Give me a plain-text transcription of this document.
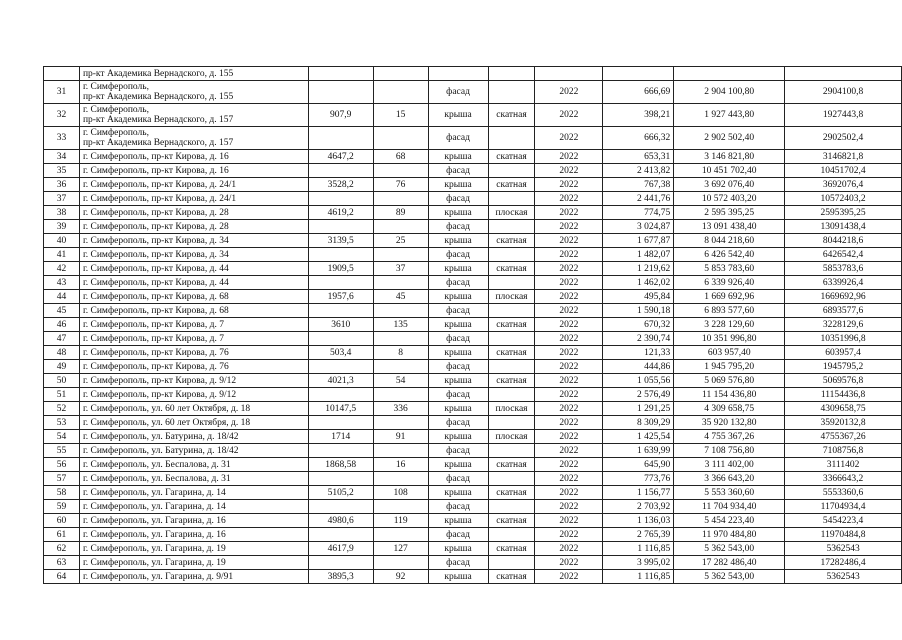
	пр-кт Академика Вернадского, д. 155								

31	г. Симферополь,
пр-кт Академика Вернадского, д. 155			фасад		2022	666,69	2 904 100,80	2904100,8
32	г. Симферополь,
пр-кт Академика Вернадского, д. 157	907,9	15	крыша	скатная	2022	398,21	1 927 443,80	1927443,8
33	г. Симферополь,
пр-кт Академика Вернадского, д. 157			фасад		2022	666,32	2 902 502,40	2902502,4
34	г. Симферополь, пр-кт Кирова, д. 16	4647,2	68	крыша	скатная	2022	653,31	3 146 821,80	3146821,8
35	г. Симферополь, пр-кт Кирова, д. 16			фасад		2022	2 413,82	10 451 702,40	10451702,4
36	г. Симферополь, пр-кт Кирова, д. 24/1	3528,2	76	крыша	скатная	2022	767,38	3 692 076,40	3692076,4
37	г. Симферополь, пр-кт Кирова, д. 24/1			фасад		2022	2 441,76	10 572 403,20	10572403,2
38	г. Симферополь, пр-кт Кирова, д. 28	4619,2	89	крыша	плоская	2022	774,75	2 595 395,25	2595395,25
39	г. Симферополь, пр-кт Кирова, д. 28			фасад		2022	3 024,87	13 091 438,40	13091438,4
40	г. Симферополь, пр-кт Кирова, д. 34	3139,5	25	крыша	скатная	2022	1 677,87	8 044 218,60	8044218,6
41	г. Симферополь, пр-кт Кирова, д. 34			фасад		2022	1 482,07	6 426 542,40	6426542,4
42	г. Симферополь, пр-кт Кирова, д. 44	1909,5	37	крыша	скатная	2022	1 219,62	5 853 783,60	5853783,6
43	г. Симферополь, пр-кт Кирова, д. 44			фасад		2022	1 462,02	6 339 926,40	6339926,4
44	г. Симферополь, пр-кт Кирова, д. 68	1957,6	45	крыша	плоская	2022	495,84	1 669 692,96	1669692,96
45	г. Симферополь, пр-кт Кирова, д. 68			фасад		2022	1 590,18	6 893 577,60	6893577,6
46	г. Симферополь, пр-кт Кирова, д. 7	3610	135	крыша	скатная	2022	670,32	3 228 129,60	3228129,6
47	г. Симферополь, пр-кт Кирова, д. 7			фасад		2022	2 390,74	10 351 996,80	10351996,8
48	г. Симферополь, пр-кт Кирова, д. 76	503,4	8	крыша	скатная	2022	121,33	603 957,40	603957,4
49	г. Симферополь, пр-кт Кирова, д. 76			фасад		2022	444,86	1 945 795,20	1945795,2
50	г. Симферополь, пр-кт Кирова, д. 9/12	4021,3	54	крыша	скатная	2022	1 055,56	5 069 576,80	5069576,8
51	г. Симферополь, пр-кт Кирова, д. 9/12			фасад		2022	2 576,49	11 154 436,80	11154436,8
52	г. Симферополь, ул. 60 лет Октября, д. 18	10147,5	336	крыша	плоская	2022	1 291,25	4 309 658,75	4309658,75
53	г. Симферополь, ул. 60 лет Октября, д. 18			фасад		2022	8 309,29	35 920 132,80	35920132,8
54	г. Симферополь, ул. Батурина, д. 18/42	1714	91	крыша	плоская	2022	1 425,54	4 755 367,26	4755367,26
55	г. Симферополь, ул. Батурина, д. 18/42			фасад		2022	1 639,99	7 108 756,80	7108756,8
56	г. Симферополь, ул. Беспалова, д. 31	1868,58	16	крыша	скатная	2022	645,90	3 111 402,00	3111402
57	г. Симферополь, ул. Беспалова, д. 31			фасад		2022	773,76	3 366 643,20	3366643,2
58	г. Симферополь, ул. Гагарина, д. 14	5105,2	108	крыша	скатная	2022	1 156,77	5 553 360,60	5553360,6
59	г. Симферополь, ул. Гагарина, д. 14			фасад		2022	2 703,92	11 704 934,40	11704934,4
60	г. Симферополь, ул. Гагарина, д. 16	4980,6	119	крыша	скатная	2022	1 136,03	5 454 223,40	5454223,4
61	г. Симферополь, ул. Гагарина, д. 16			фасад		2022	2 765,39	11 970 484,80	11970484,8
62	г. Симферополь, ул. Гагарина, д. 19	4617,9	127	крыша	скатная	2022	1 116,85	5 362 543,00	5362543
63	г. Симферополь, ул. Гагарина, д. 19			фасад		2022	3 995,02	17 282 486,40	17282486,4
64	г. Симферополь, ул. Гагарина, д. 9/91	3895,3	92	крыша	скатная	2022	1 116,85	5 362 543,00	5362543
